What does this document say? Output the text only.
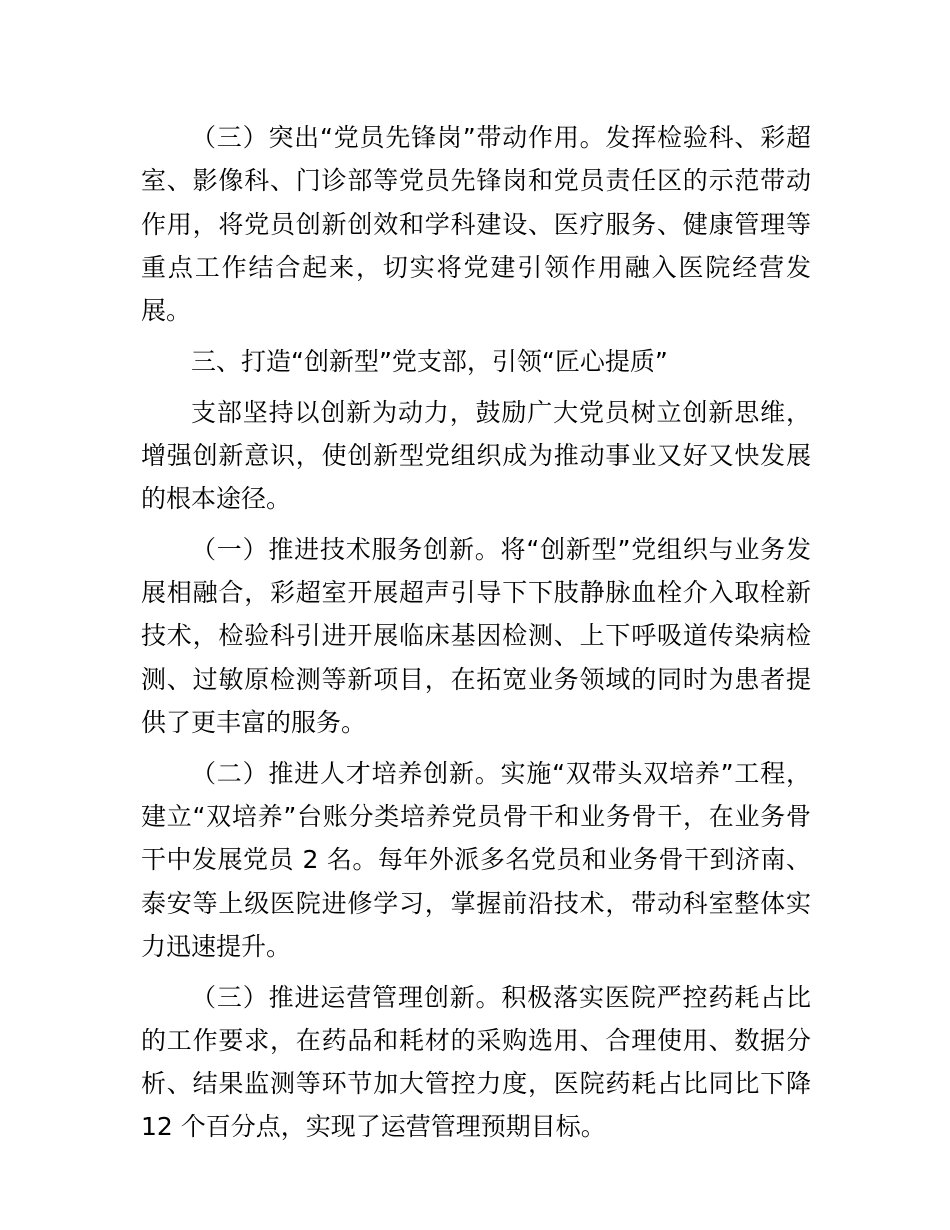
（三）突出“党员先锋岗”带动作用。发挥检验科、彩超室、影像科、门诊部等党员先锋岗和党员责任区的示范带动作用，将党员创新创效和学科建设、医疗服务、健康管理等重点工作结合起来，切实将党建引领作用融入医院经营发展。

三、打造“创新型”党支部，引领“匠心提质”

支部坚持以创新为动力，鼓励广大党员树立创新思维，增强创新意识，使创新型党组织成为推动事业又好又快发展的根本途径。

（一）推进技术服务创新。将“创新型”党组织与业务发展相融合，彩超室开展超声引导下下肢静脉血栓介入取栓新技术，检验科引进开展临床基因检测、上下呼吸道传染病检测、过敏原检测等新项目，在拓宽业务领域的同时为患者提供了更丰富的服务。

（二）推进人才培养创新。实施“双带头双培养”工程，建立“双培养”台账分类培养党员骨干和业务骨干，在业务骨干中发展党员 2 名。每年外派多名党员和业务骨干到济南、泰安等上级医院进修学习，掌握前沿技术，带动科室整体实力迅速提升。

（三）推进运营管理创新。积极落实医院严控药耗占比的工作要求，在药品和耗材的采购选用、合理使用、数据分析、结果监测等环节加大管控力度，医院药耗占比同比下降 12 个百分点，实现了运营管理预期目标。
